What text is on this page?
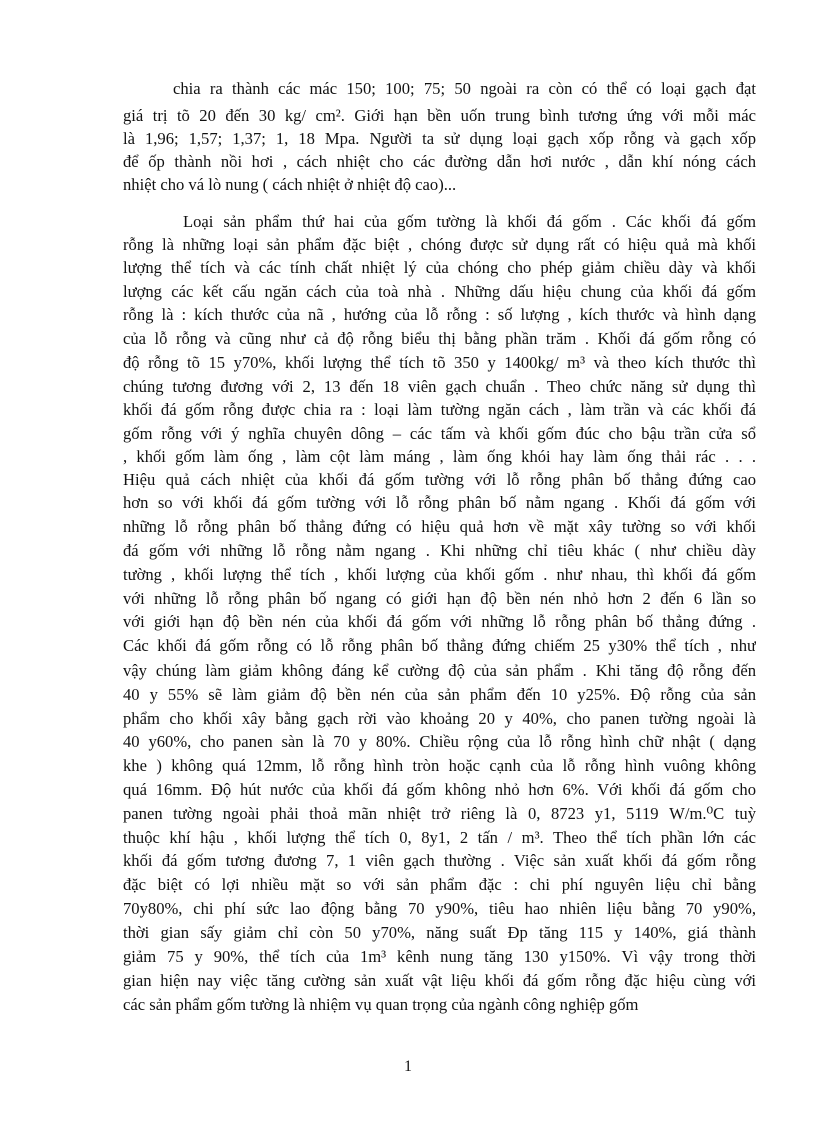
chia ra thành các mác 150; 100; 75; 50 ngoài ra còn có thể có loại gạch đạt
giá trị tõ 20 đến 30 kg/ cm². Giới hạn bền uốn trung bình tương ứng với mỗi mác
là 1,96; 1,57; 1,37; 1, 18 Mpa. Người ta sử dụng loại gạch xốp rỗng và gạch xốp
để ốp thành nồi hơi , cách nhiệt cho các đường dẫn hơi nước , dẫn khí nóng cách
nhiệt cho vá lò nung ( cách nhiệt ở nhiệt độ cao)...
Loại sản phẩm thứ hai của gốm tường là khối đá gốm . Các khối đá gốm
rỗng là những loại sản phẩm đặc biệt , chóng được sử dụng rất có hiệu quả mà khối
lượng thể tích và các tính chất nhiệt lý của chóng cho phép giảm chiều dày và khối
lượng các kết cấu ngăn cách của toà nhà . Những dấu hiệu chung của khối đá gốm
rỗng là : kích thước của nã , hướng của lỗ rỗng : số lượng , kích thước và hình dạng
của lỗ rỗng và cũng như cả độ rỗng biểu thị bằng phần trăm . Khối đá gốm rỗng có
độ rỗng tõ 15 у70%, khối lượng thể tích tõ 350 у 1400kg/ m³ và theo kích thước thì
chúng tương đương với 2, 13 đến 18 viên gạch chuẩn . Theo chức năng sử dụng thì
khối đá gốm rỗng được chia ra : loại làm tường ngăn cách , làm trần và các khối đá
gốm rỗng với ý nghĩa chuyên dông – các tấm và khối gốm đúc cho bậu trần cửa sổ
, khối gốm làm ống , làm cột làm máng , làm ống khói hay làm ống thải rác . . .
Hiệu quả cách nhiệt của khối đá gốm tường với lỗ rỗng phân bố thẳng đứng cao
hơn so với khối đá gốm tường với lỗ rỗng phân bố nằm ngang . Khối đá gốm với
những lỗ rỗng phân bố thẳng đứng có hiệu quả hơn về mặt xây tường so với khối
đá gốm với những lỗ rỗng nằm ngang . Khi những chỉ tiêu khác ( như chiều dày
tường , khối lượng thể tích , khối lượng của khối gốm . như nhau, thì khối đá gốm
với những lỗ rỗng phân bố ngang có giới hạn độ bền nén nhỏ hơn 2 đến 6 lần so
với giới hạn độ bền nén của khối đá gốm với những lỗ rỗng phân bố thẳng đứng .
Các khối đá gốm rỗng có lỗ rỗng phân bố thẳng đứng chiếm 25 у30% thể tích , như
vậy chúng làm giảm không đáng kể cường độ của sản phẩm . Khi tăng độ rỗng đến
40 у 55% sẽ làm giảm độ bền nén của sản phẩm đến 10 у25%. Độ rỗng của sản
phẩm cho khối xây bằng gạch rời vào khoảng 20 у 40%, cho panen tường ngoài là
40 у60%, cho panen sàn là 70 у 80%. Chiều rộng của lỗ rỗng hình chữ nhật ( dạng
khe ) không quá 12mm, lỗ rỗng hình tròn hoặc cạnh của lỗ rỗng hình vuông không
quá 16mm. Độ hút nước của khối đá gốm không nhỏ hơn 6%. Với khối đá gốm cho
panen tường ngoài phải thoả mãn nhiệt trở riêng là 0, 8723 у1, 5119 W/m.⁰C tuỳ
thuộc khí hậu , khối lượng thể tích 0, 8у1, 2 tấn / m³. Theo thể tích phần lớn các
khối đá gốm tương đương 7, 1 viên gạch thường . Việc sản xuất khối đá gốm rỗng
đặc biệt có lợi nhiều mặt so với sản phẩm đặc : chi phí nguyên liệu chỉ bằng
70у80%, chi phí sức lao động bằng 70 у90%, tiêu hao nhiên liệu bằng 70 у90%,
thời gian sấy giảm chỉ còn 50 у70%, năng suất Đp tăng 115 у 140%, giá thành
giảm 75 у 90%, thể tích của 1m³ kênh nung tăng 130 у150%. Vì vậy trong thời
gian hiện nay việc tăng cường sản xuất vật liệu khối đá gốm rỗng đặc hiệu cùng với
các sản phẩm gốm tường là nhiệm vụ quan trọng của ngành công nghiệp gốm
1
